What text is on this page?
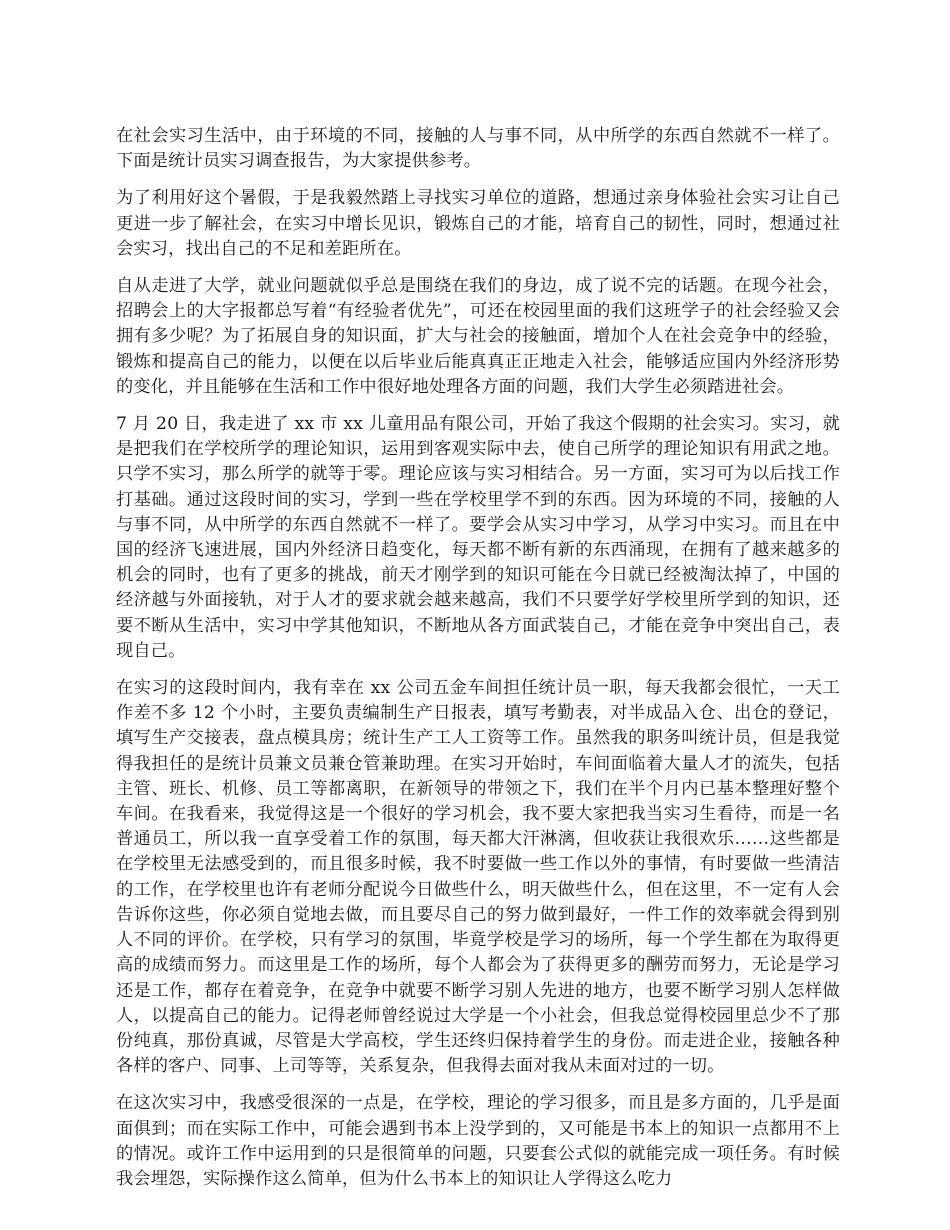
在社会实习生活中，由于环境的不同，接触的人与事不同，从中所学的东西自然就不一样了。下面是统计员实习调查报告，为大家提供参考。

为了利用好这个暑假，于是我毅然踏上寻找实习单位的道路，想通过亲身体验社会实习让自己更进一步了解社会，在实习中增长见识，锻炼自己的才能，培育自己的韧性，同时，想通过社会实习，找出自己的不足和差距所在。

自从走进了大学，就业问题就似乎总是围绕在我们的身边，成了说不完的话题。在现今社会，招聘会上的大字报都总写着“有经验者优先”，可还在校园里面的我们这班学子的社会经验又会拥有多少呢？为了拓展自身的知识面，扩大与社会的接触面，增加个人在社会竞争中的经验，锻炼和提高自己的能力，以便在以后毕业后能真真正正地走入社会，能够适应国内外经济形势的变化，并且能够在生活和工作中很好地处理各方面的问题，我们大学生必须踏进社会。

7 月 20 日，我走进了 xx 市 xx 儿童用品有限公司，开始了我这个假期的社会实习。实习，就是把我们在学校所学的理论知识，运用到客观实际中去，使自己所学的理论知识有用武之地。只学不实习，那么所学的就等于零。理论应该与实习相结合。另一方面，实习可为以后找工作打基础。通过这段时间的实习，学到一些在学校里学不到的东西。因为环境的不同，接触的人与事不同，从中所学的东西自然就不一样了。要学会从实习中学习，从学习中实习。而且在中国的经济飞速进展，国内外经济日趋变化，每天都不断有新的东西涌现，在拥有了越来越多的机会的同时，也有了更多的挑战，前天才刚学到的知识可能在今日就已经被淘汰掉了，中国的经济越与外面接轨，对于人才的要求就会越来越高，我们不只要学好学校里所学到的知识，还要不断从生活中，实习中学其他知识，不断地从各方面武装自己，才能在竞争中突出自己，表现自己。

在实习的这段时间内，我有幸在 xx 公司五金车间担任统计员一职，每天我都会很忙，一天工作差不多 12 个小时，主要负责编制生产日报表，填写考勤表，对半成品入仓、出仓的登记，填写生产交接表，盘点模具房；统计生产工人工资等工作。虽然我的职务叫统计员，但是我觉得我担任的是统计员兼文员兼仓管兼助理。在实习开始时，车间面临着大量人才的流失，包括主管、班长、机修、员工等都离职，在新领导的带领之下，我们在半个月内已基本整理好整个车间。在我看来，我觉得这是一个很好的学习机会，我不要大家把我当实习生看待，而是一名普通员工，所以我一直享受着工作的氛围，每天都大汗淋漓，但收获让我很欢乐……这些都是在学校里无法感受到的，而且很多时候，我不时要做一些工作以外的事情，有时要做一些清洁的工作，在学校里也许有老师分配说今日做些什么，明天做些什么，但在这里，不一定有人会告诉你这些，你必须自觉地去做，而且要尽自己的努力做到最好，一件工作的效率就会得到别人不同的评价。在学校，只有学习的氛围，毕竟学校是学习的场所，每一个学生都在为取得更高的成绩而努力。而这里是工作的场所，每个人都会为了获得更多的酬劳而努力，无论是学习还是工作，都存在着竞争，在竞争中就要不断学习别人先进的地方，也要不断学习别人怎样做人，以提高自己的能力。记得老师曾经说过大学是一个小社会，但我总觉得校园里总少不了那份纯真，那份真诚，尽管是大学高校，学生还终归保持着学生的身份。而走进企业，接触各种各样的客户、同事、上司等等，关系复杂，但我得去面对我从未面对过的一切。

在这次实习中，我感受很深的一点是，在学校，理论的学习很多，而且是多方面的，几乎是面面俱到；而在实际工作中，可能会遇到书本上没学到的，又可能是书本上的知识一点都用不上的情况。或许工作中运用到的只是很简单的问题，只要套公式似的就能完成一项任务。有时候我会埋怨，实际操作这么简单，但为什么书本上的知识让人学得这么吃力
